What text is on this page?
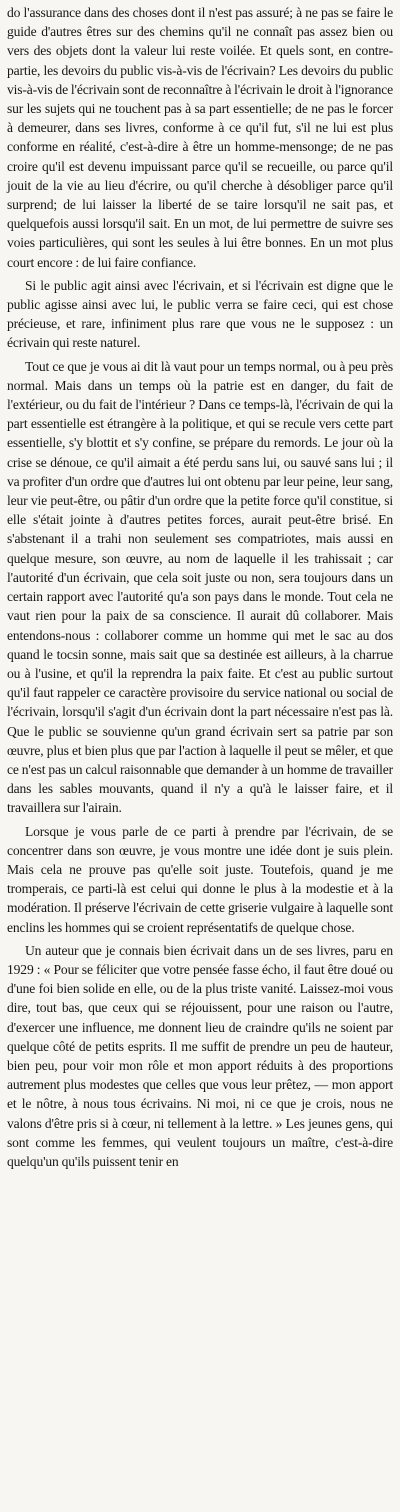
do l'assurance dans des choses dont il n'est pas assuré; à ne pas se faire le guide d'autres êtres sur des chemins qu'il ne connaît pas assez bien ou vers des objets dont la valeur lui reste voilée. Et quels sont, en contre-partie, les devoirs du public vis-à-vis de l'écrivain? Les devoirs du public vis-à-vis de l'écrivain sont de reconnaître à l'écrivain le droit à l'ignorance sur les sujets qui ne touchent pas à sa part essentielle; de ne pas le forcer à demeurer, dans ses livres, conforme à ce qu'il fut, s'il ne lui est plus conforme en réalité, c'est-à-dire à être un homme-mensonge; de ne pas croire qu'il est devenu impuissant parce qu'il se recueille, ou parce qu'il jouit de la vie au lieu d'écrire, ou qu'il cherche à désobliger parce qu'il surprend; de lui laisser la liberté de se taire lorsqu'il ne sait pas, et quelquefois aussi lorsqu'il sait. En un mot, de lui permettre de suivre ses voies particulières, qui sont les seules à lui être bonnes. En un mot plus court encore : de lui faire confiance.

Si le public agit ainsi avec l'écrivain, et si l'écrivain est digne que le public agisse ainsi avec lui, le public verra se faire ceci, qui est chose précieuse, et rare, infiniment plus rare que vous ne le supposez : un écrivain qui reste naturel.

Tout ce que je vous ai dit là vaut pour un temps normal, ou à peu près normal. Mais dans un temps où la patrie est en danger, du fait de l'extérieur, ou du fait de l'intérieur ? Dans ce temps-là, l'écrivain de qui la part essentielle est étrangère à la politique, et qui se recule vers cette part essentielle, s'y blottit et s'y confine, se prépare du remords. Le jour où la crise se dénoue, ce qu'il aimait a été perdu sans lui, ou sauvé sans lui ; il va profiter d'un ordre que d'autres lui ont obtenu par leur peine, leur sang, leur vie peut-être, ou pâtir d'un ordre que la petite force qu'il constitue, si elle s'était jointe à d'autres petites forces, aurait peut-être brisé. En s'abstenant il a trahi non seulement ses compatriotes, mais aussi en quelque mesure, son œuvre, au nom de laquelle il les trahissait ; car l'autorité d'un écrivain, que cela soit juste ou non, sera toujours dans un certain rapport avec l'autorité qu'a son pays dans le monde. Tout cela ne vaut rien pour la paix de sa conscience. Il aurait dû collaborer. Mais entendons-nous : collaborer comme un homme qui met le sac au dos quand le tocsin sonne, mais sait que sa destinée est ailleurs, à la charrue ou à l'usine, et qu'il la reprendra la paix faite. Et c'est au public surtout qu'il faut rappeler ce caractère provisoire du service national ou social de l'écrivain, lorsqu'il s'agit d'un écrivain dont la part nécessaire n'est pas là. Que le public se souvienne qu'un grand écrivain sert sa patrie par son œuvre, plus et bien plus que par l'action à laquelle il peut se mêler, et que ce n'est pas un calcul raisonnable que demander à un homme de travailler dans les sables mouvants, quand il n'y a qu'à le laisser faire, et il travaillera sur l'airain.

Lorsque je vous parle de ce parti à prendre par l'écrivain, de se concentrer dans son œuvre, je vous montre une idée dont je suis plein. Mais cela ne prouve pas qu'elle soit juste. Toutefois, quand je me tromperais, ce parti-là est celui qui donne le plus à la modestie et à la modération. Il préserve l'écrivain de cette griserie vulgaire à laquelle sont enclins les hommes qui se croient représentatifs de quelque chose.

Un auteur que je connais bien écrivait dans un de ses livres, paru en 1929 : « Pour se féliciter que votre pensée fasse écho, il faut être doué ou d'une foi bien solide en elle, ou de la plus triste vanité. Laissez-moi vous dire, tout bas, que ceux qui se réjouissent, pour une raison ou l'autre, d'exercer une influence, me donnent lieu de craindre qu'ils ne soient par quelque côté de petits esprits. Il me suffit de prendre un peu de hauteur, bien peu, pour voir mon rôle et mon apport réduits à des proportions autrement plus modestes que celles que vous leur prêtez, — mon apport et le nôtre, à nous tous écrivains. Ni moi, ni ce que je crois, nous ne valons d'être pris si à cœur, ni tellement à la lettre. » Les jeunes gens, qui sont comme les femmes, qui veulent toujours un maître, c'est-à-dire quelqu'un qu'ils puissent tenir en
